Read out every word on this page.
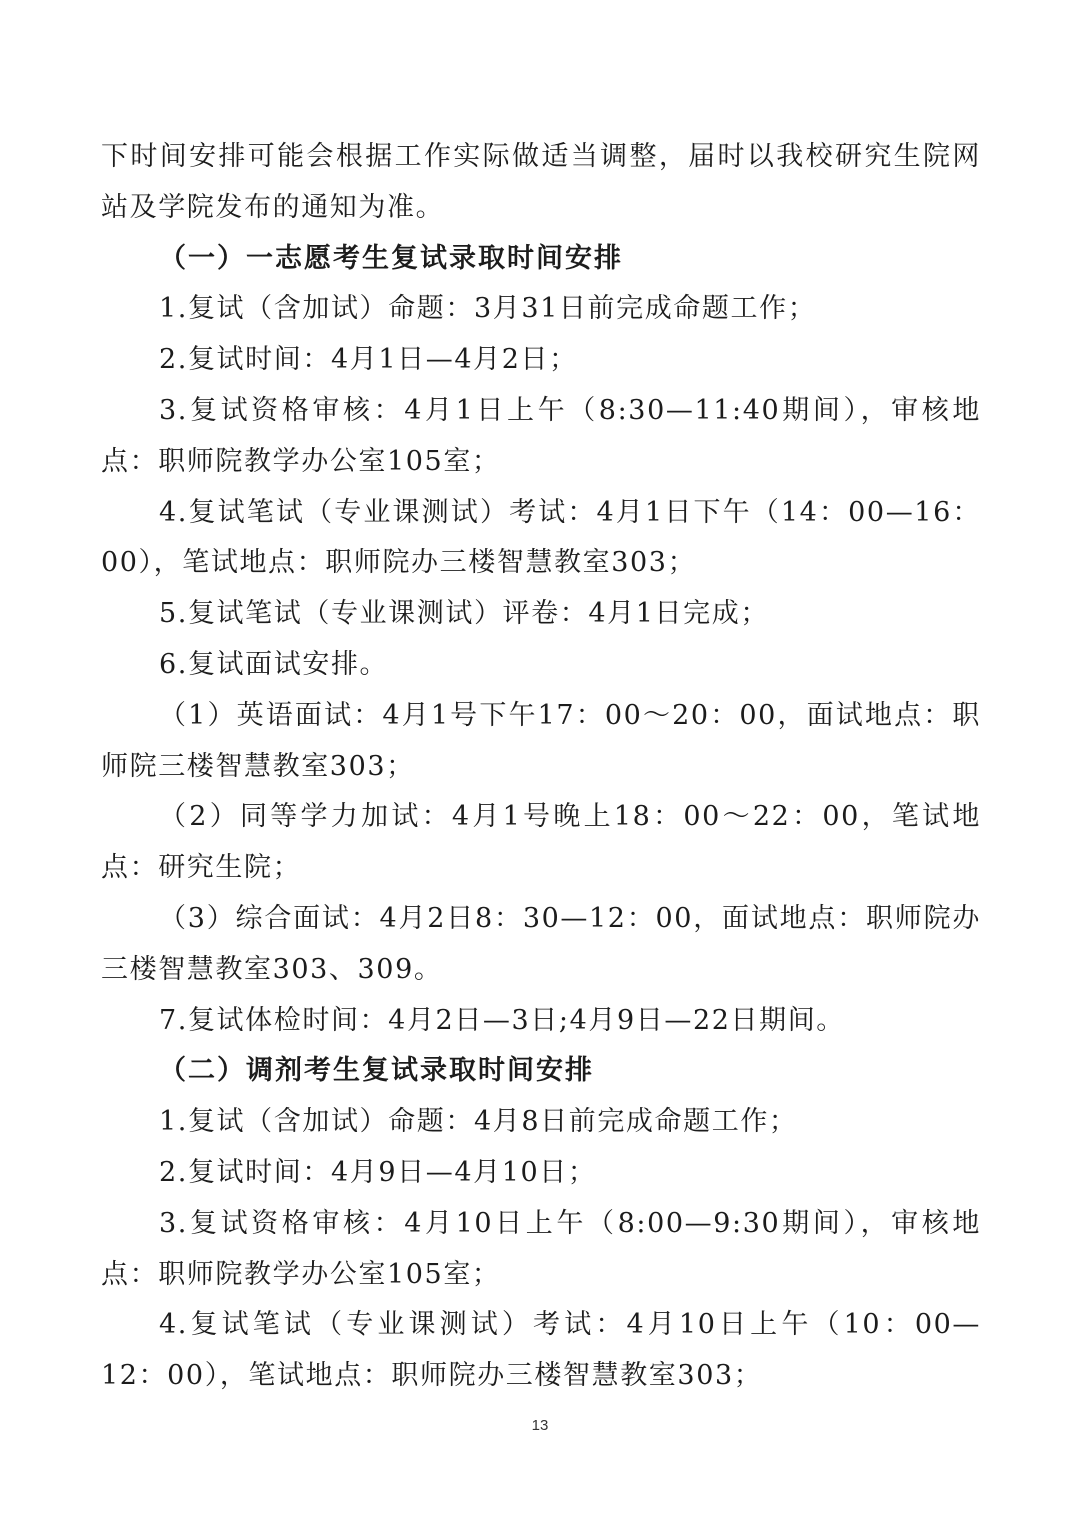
下时间安排可能会根据工作实际做适当调整，届时以我校研究生院网站及学院发布的通知为准。

（一）一志愿考生复试录取时间安排

1.复试（含加试）命题：3月31日前完成命题工作；

2.复试时间：4月1日—4月2日；

3.复试资格审核：4月1日上午（8:30—11:40期间），审核地点：职师院教学办公室105室；

4.复试笔试（专业课测试）考试：4月1日下午（14：00—16：00），笔试地点：职师院办三楼智慧教室303；

5.复试笔试（专业课测试）评卷：4月1日完成；

6.复试面试安排。

（1）英语面试：4月1号下午17：00～20：00，面试地点：职师院三楼智慧教室303；

（2）同等学力加试：4月1号晚上18：00～22：00，笔试地点：研究生院；

（3）综合面试：4月2日8：30—12：00，面试地点：职师院办三楼智慧教室303、309。

7.复试体检时间：4月2日—3日;4月9日—22日期间。

（二）调剂考生复试录取时间安排

1.复试（含加试）命题：4月8日前完成命题工作；

2.复试时间：4月9日—4月10日；

3.复试资格审核：4月10日上午（8:00—9:30期间），审核地点：职师院教学办公室105室；

4.复试笔试（专业课测试）考试：4月10日上午（10：00—12：00），笔试地点：职师院办三楼智慧教室303；

13
